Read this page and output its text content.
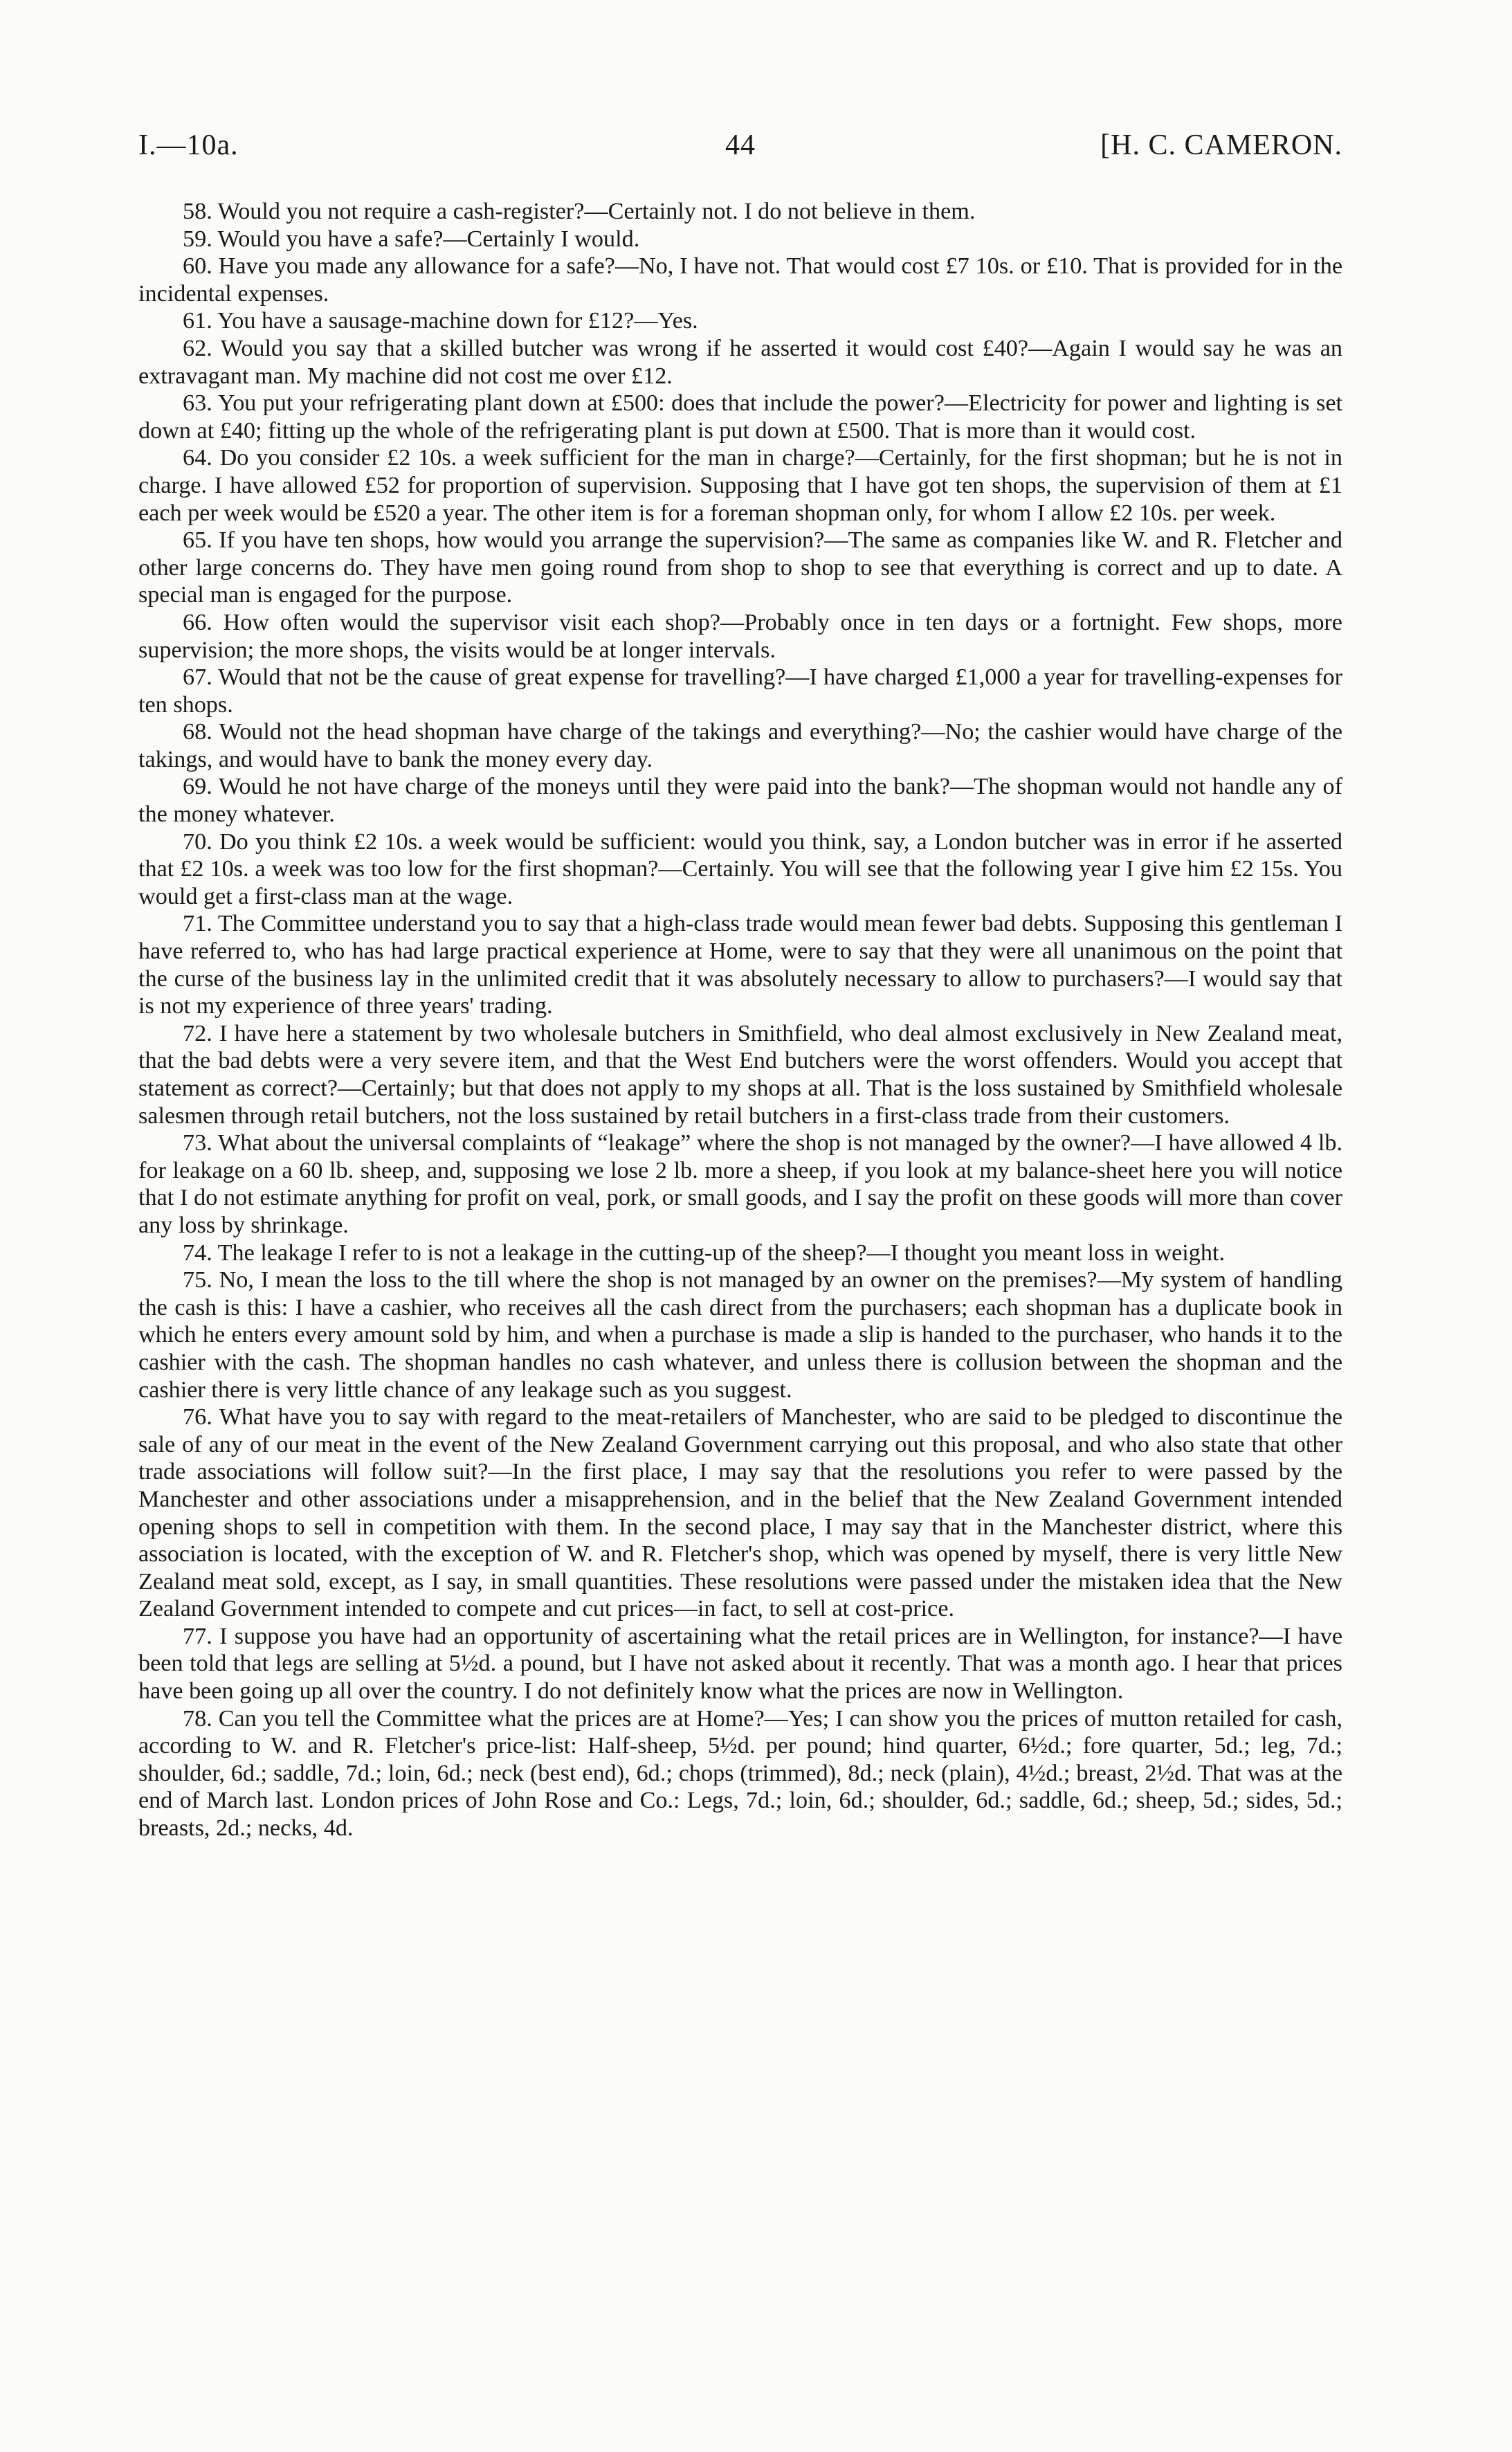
I.—10a.	44	[H. C. CAMERON.

58. Would you not require a cash-register?—Certainly not. I do not believe in them.

59. Would you have a safe?—Certainly I would.

60. Have you made any allowance for a safe?—No, I have not. That would cost £7 10s. or £10. That is provided for in the incidental expenses.

61. You have a sausage-machine down for £12?—Yes.

62. Would you say that a skilled butcher was wrong if he asserted it would cost £40?—Again I would say he was an extravagant man. My machine did not cost me over £12.

63. You put your refrigerating plant down at £500: does that include the power?—Electricity for power and lighting is set down at £40; fitting up the whole of the refrigerating plant is put down at £500. That is more than it would cost.

64. Do you consider £2 10s. a week sufficient for the man in charge?—Certainly, for the first shopman; but he is not in charge. I have allowed £52 for proportion of supervision. Supposing that I have got ten shops, the supervision of them at £1 each per week would be £520 a year. The other item is for a foreman shopman only, for whom I allow £2 10s. per week.

65. If you have ten shops, how would you arrange the supervision?—The same as companies like W. and R. Fletcher and other large concerns do. They have men going round from shop to shop to see that everything is correct and up to date. A special man is engaged for the purpose.

66. How often would the supervisor visit each shop?—Probably once in ten days or a fortnight. Few shops, more supervision; the more shops, the visits would be at longer intervals.

67. Would that not be the cause of great expense for travelling?—I have charged £1,000 a year for travelling-expenses for ten shops.

68. Would not the head shopman have charge of the takings and everything?—No; the cashier would have charge of the takings, and would have to bank the money every day.

69. Would he not have charge of the moneys until they were paid into the bank?—The shopman would not handle any of the money whatever.

70. Do you think £2 10s. a week would be sufficient: would you think, say, a London butcher was in error if he asserted that £2 10s. a week was too low for the first shopman?—Certainly. You will see that the following year I give him £2 15s. You would get a first-class man at the wage.

71. The Committee understand you to say that a high-class trade would mean fewer bad debts. Supposing this gentleman I have referred to, who has had large practical experience at Home, were to say that they were all unanimous on the point that the curse of the business lay in the unlimited credit that it was absolutely necessary to allow to purchasers?—I would say that is not my experience of three years' trading.

72. I have here a statement by two wholesale butchers in Smithfield, who deal almost exclusively in New Zealand meat, that the bad debts were a very severe item, and that the West End butchers were the worst offenders. Would you accept that statement as correct?—Certainly; but that does not apply to my shops at all. That is the loss sustained by Smithfield wholesale salesmen through retail butchers, not the loss sustained by retail butchers in a first-class trade from their customers.

73. What about the universal complaints of “leakage” where the shop is not managed by the owner?—I have allowed 4 lb. for leakage on a 60 lb. sheep, and, supposing we lose 2 lb. more a sheep, if you look at my balance-sheet here you will notice that I do not estimate anything for profit on veal, pork, or small goods, and I say the profit on these goods will more than cover any loss by shrinkage.

74. The leakage I refer to is not a leakage in the cutting-up of the sheep?—I thought you meant loss in weight.

75. No, I mean the loss to the till where the shop is not managed by an owner on the premises?—My system of handling the cash is this: I have a cashier, who receives all the cash direct from the purchasers; each shopman has a duplicate book in which he enters every amount sold by him, and when a purchase is made a slip is handed to the purchaser, who hands it to the cashier with the cash. The shopman handles no cash whatever, and unless there is collusion between the shopman and the cashier there is very little chance of any leakage such as you suggest.

76. What have you to say with regard to the meat-retailers of Manchester, who are said to be pledged to discontinue the sale of any of our meat in the event of the New Zealand Government carrying out this proposal, and who also state that other trade associations will follow suit?—In the first place, I may say that the resolutions you refer to were passed by the Manchester and other associations under a misapprehension, and in the belief that the New Zealand Government intended opening shops to sell in competition with them. In the second place, I may say that in the Manchester district, where this association is located, with the exception of W. and R. Fletcher's shop, which was opened by myself, there is very little New Zealand meat sold, except, as I say, in small quantities. These resolutions were passed under the mistaken idea that the New Zealand Government intended to compete and cut prices—in fact, to sell at cost-price.

77. I suppose you have had an opportunity of ascertaining what the retail prices are in Wellington, for instance?—I have been told that legs are selling at 5½d. a pound, but I have not asked about it recently. That was a month ago. I hear that prices have been going up all over the country. I do not definitely know what the prices are now in Wellington.

78. Can you tell the Committee what the prices are at Home?—Yes; I can show you the prices of mutton retailed for cash, according to W. and R. Fletcher's price-list: Half-sheep, 5½d. per pound; hind quarter, 6½d.; fore quarter, 5d.; leg, 7d.; shoulder, 6d.; saddle, 7d.; loin, 6d.; neck (best end), 6d.; chops (trimmed), 8d.; neck (plain), 4½d.; breast, 2½d. That was at the end of March last. London prices of John Rose and Co.: Legs, 7d.; loin, 6d.; shoulder, 6d.; saddle, 6d.; sheep, 5d.; sides, 5d.; breasts, 2d.; necks, 4d.
